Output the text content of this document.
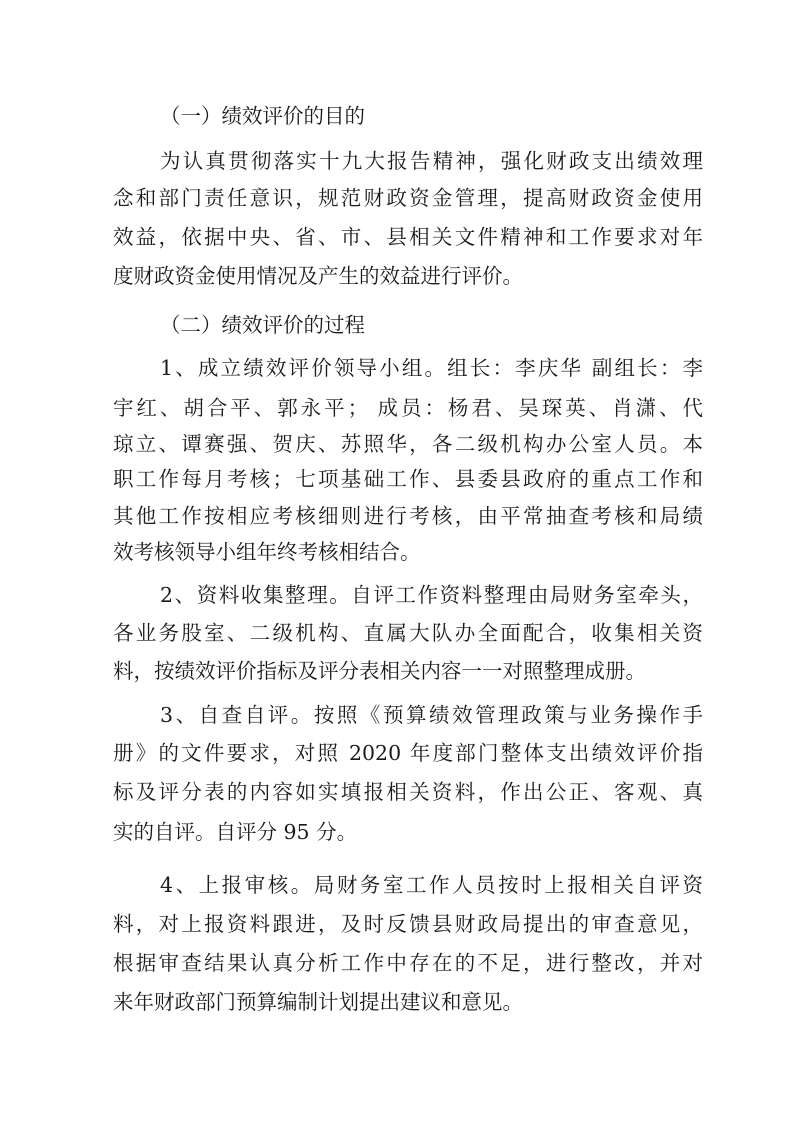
（一）绩效评价的目的
为认真贯彻落实十九大报告精神，强化财政支出绩效理
念和部门责任意识，规范财政资金管理，提高财政资金使用
效益，依据中央、省、市、县相关文件精神和工作要求对年
度财政资金使用情况及产生的效益进行评价。
（二）绩效评价的过程
1、成立绩效评价领导小组。组长：李庆华 副组长：李
宇红、胡合平、郭永平； 成员：杨君、吴琛英、肖潇、代
琼立、谭赛强、贺庆、苏照华，各二级机构办公室人员。本
职工作每月考核；七项基础工作、县委县政府的重点工作和
其他工作按相应考核细则进行考核，由平常抽查考核和局绩
效考核领导小组年终考核相结合。
2、资料收集整理。自评工作资料整理由局财务室牵头，
各业务股室、二级机构、直属大队办全面配合，收集相关资
料，按绩效评价指标及评分表相关内容一一对照整理成册。
3、自查自评。按照《预算绩效管理政策与业务操作手
册》的文件要求，对照 2020 年度部门整体支出绩效评价指
标及评分表的内容如实填报相关资料，作出公正、客观、真
实的自评。自评分 95 分。
4、上报审核。局财务室工作人员按时上报相关自评资
料，对上报资料跟进，及时反馈县财政局提出的审查意见，
根据审查结果认真分析工作中存在的不足，进行整改，并对
来年财政部门预算编制计划提出建议和意见。
